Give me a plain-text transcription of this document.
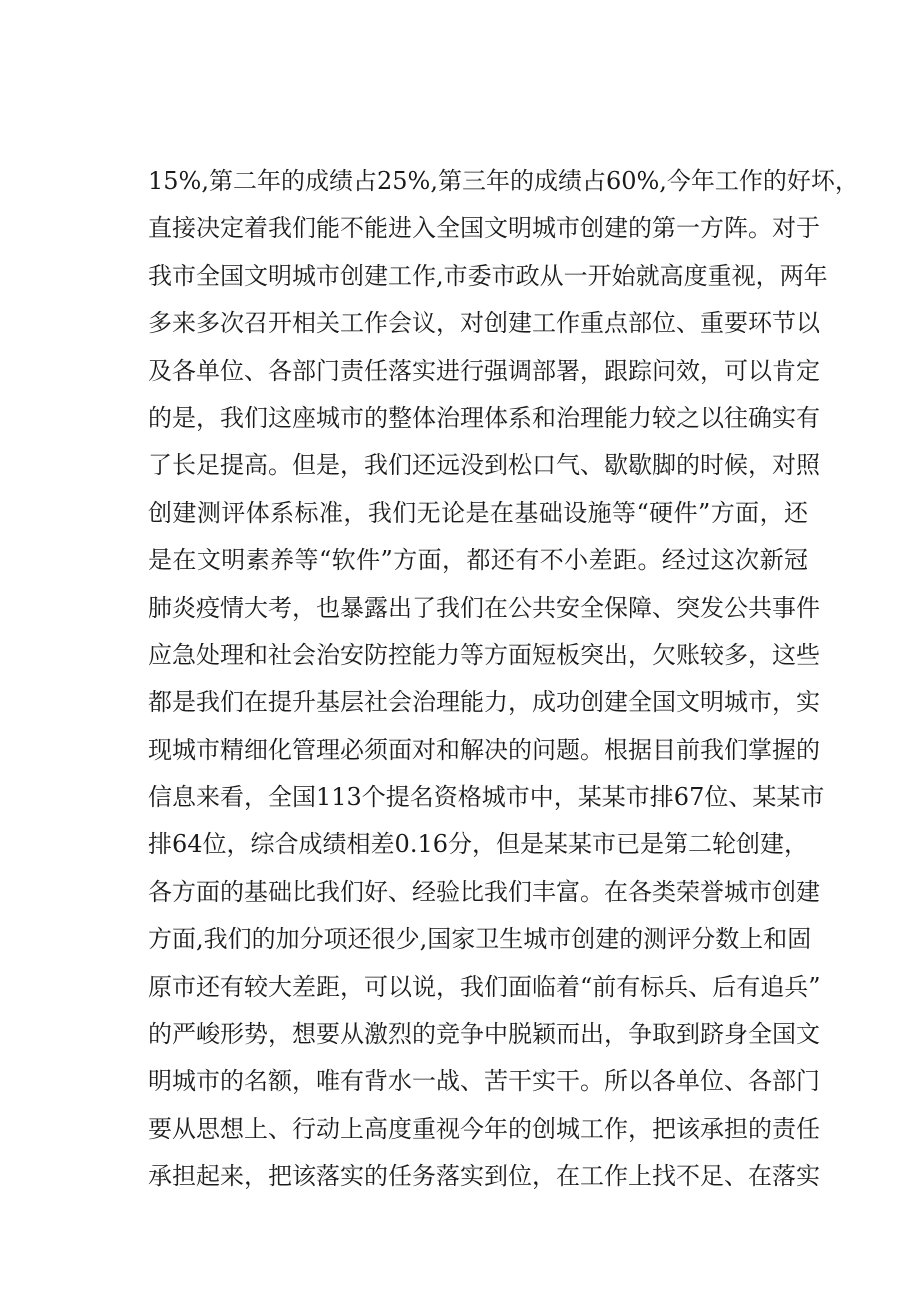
15%,第二年的成绩占25%,第三年的成绩占60%,今年工作的好坏，
直接决定着我们能不能进入全国文明城市创建的第一方阵。对于
我市全国文明城市创建工作,市委市政从一开始就高度重视，两年
多来多次召开相关工作会议，对创建工作重点部位、重要环节以
及各单位、各部门责任落实进行强调部署，跟踪问效，可以肯定
的是，我们这座城市的整体治理体系和治理能力较之以往确实有
了长足提高。但是，我们还远没到松口气、歇歇脚的时候，对照
创建测评体系标准，我们无论是在基础设施等“硬件”方面，还
是在文明素养等“软件”方面，都还有不小差距。经过这次新冠
肺炎疫情大考，也暴露出了我们在公共安全保障、突发公共事件
应急处理和社会治安防控能力等方面短板突出，欠账较多，这些
都是我们在提升基层社会治理能力，成功创建全国文明城市，实
现城市精细化管理必须面对和解决的问题。根据目前我们掌握的
信息来看，全国113个提名资格城市中，某某市排67位、某某市
排64位，综合成绩相差0.16分，但是某某市已是第二轮创建，
各方面的基础比我们好、经验比我们丰富。在各类荣誉城市创建
方面,我们的加分项还很少,国家卫生城市创建的测评分数上和固
原市还有较大差距，可以说，我们面临着“前有标兵、后有追兵”
的严峻形势，想要从激烈的竞争中脱颖而出，争取到跻身全国文
明城市的名额，唯有背水一战、苦干实干。所以各单位、各部门
要从思想上、行动上高度重视今年的创城工作，把该承担的责任
承担起来，把该落实的任务落实到位，在工作上找不足、在落实
